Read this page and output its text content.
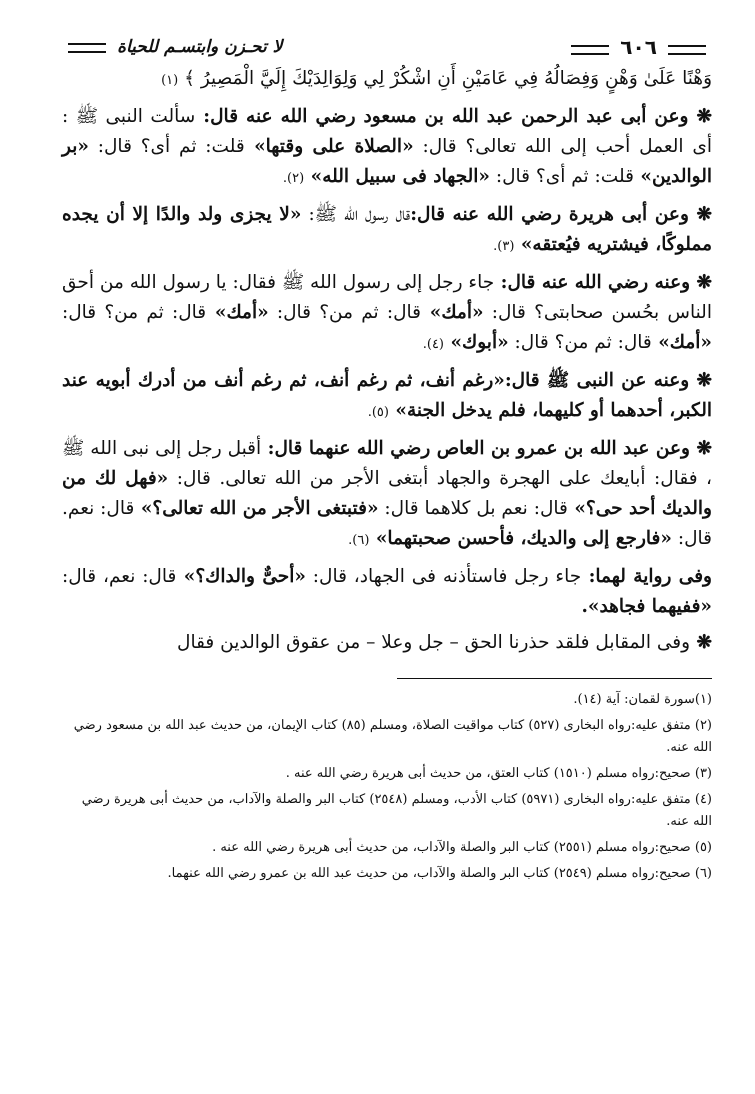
٦٠٦
لا تحـزن وابتسـم للحياة

وَهْنًا عَلَىٰ وَهْنٍ وَفِصَالُهُ فِي عَامَيْنِ أَنِ اشْكُرْ لِي وَلِوَالِدَيْكَ إِلَيَّ الْمَصِيرُ ﴾ (١)

❋ وعن أبى عبد الرحمن عبد الله بن مسعود رضي الله عنه قال: سألت النبى ﷺ : أى العمل أحب إلى الله تعالى؟ قال: «الصلاة على وقتها» قلت: ثم أى؟ قال: «بر الوالدين» قلت: ثم أى؟ قال: «الجهاد فى سبيل الله» (٢).

❋ وعن أبى هريرة رضي الله عنه قال:قال رسول الله ﷺ: «لا يجزى ولد والدًا إلا أن يجده مملوكًا، فيشتريه فيُعتقه» (٣).

❋ وعنه رضي الله عنه قال: جاء رجل إلى رسول الله ﷺ فقال: يا رسول الله من أحق الناس بحُسن صحابتى؟ قال: «أمك» قال: ثم من؟ قال: «أمك» قال: ثم من؟ قال: «أمك» قال: ثم من؟ قال: «أبوك» (٤).

❋ وعنه عن النبى ﷺ قال:«رغم أنف، ثم رغم أنف، ثم رغم أنف من أدرك أبويه عند الكبر، أحدهما أو كليهما، فلم يدخل الجنة» (٥).

❋ وعن عبد الله بن عمرو بن العاص رضي الله عنهما قال: أقبل رجل إلى نبى الله ﷺ ، فقال: أبايعك على الهجرة والجهاد أبتغى الأجر من الله تعالى. قال: «فهل لك من والديك أحد حى؟» قال: نعم بل كلاهما قال: «فتبتغى الأجر من الله تعالى؟» قال: نعم. قال: «فارجع إلى والديك، فأحسن صحبتهما» (٦).

وفى رواية لهما: جاء رجل فاستأذنه فى الجهاد، قال: «أحىٌّ والداك؟» قال: نعم، قال: «ففيهما فجاهد».

❋ وفى المقابل فلقد حذرنا الحق – جل وعلا – من عقوق الوالدين فقال

(١)سورة لقمان: آية (١٤).

(٢) متفق عليه:رواه البخارى (٥٢٧) كتاب مواقيت الصلاة، ومسلم (٨٥) كتاب الإيمان، من حديث عبد الله بن مسعود رضي الله عنه.

(٣) صحيح:رواه مسلم (١٥١٠) كتاب العتق، من حديث أبى هريرة رضي الله عنه .

(٤) متفق عليه:رواه البخارى (٥٩٧١) كتاب الأدب، ومسلم (٢٥٤٨) كتاب البر والصلة والآداب، من حديث أبى هريرة رضي الله عنه.

(٥) صحيح:رواه مسلم (٢٥٥١) كتاب البر والصلة والآداب، من حديث أبى هريرة رضي الله عنه .

(٦) صحيح:رواه مسلم (٢٥٤٩) كتاب البر والصلة والآداب، من حديث عبد الله بن عمرو رضي الله عنهما.
